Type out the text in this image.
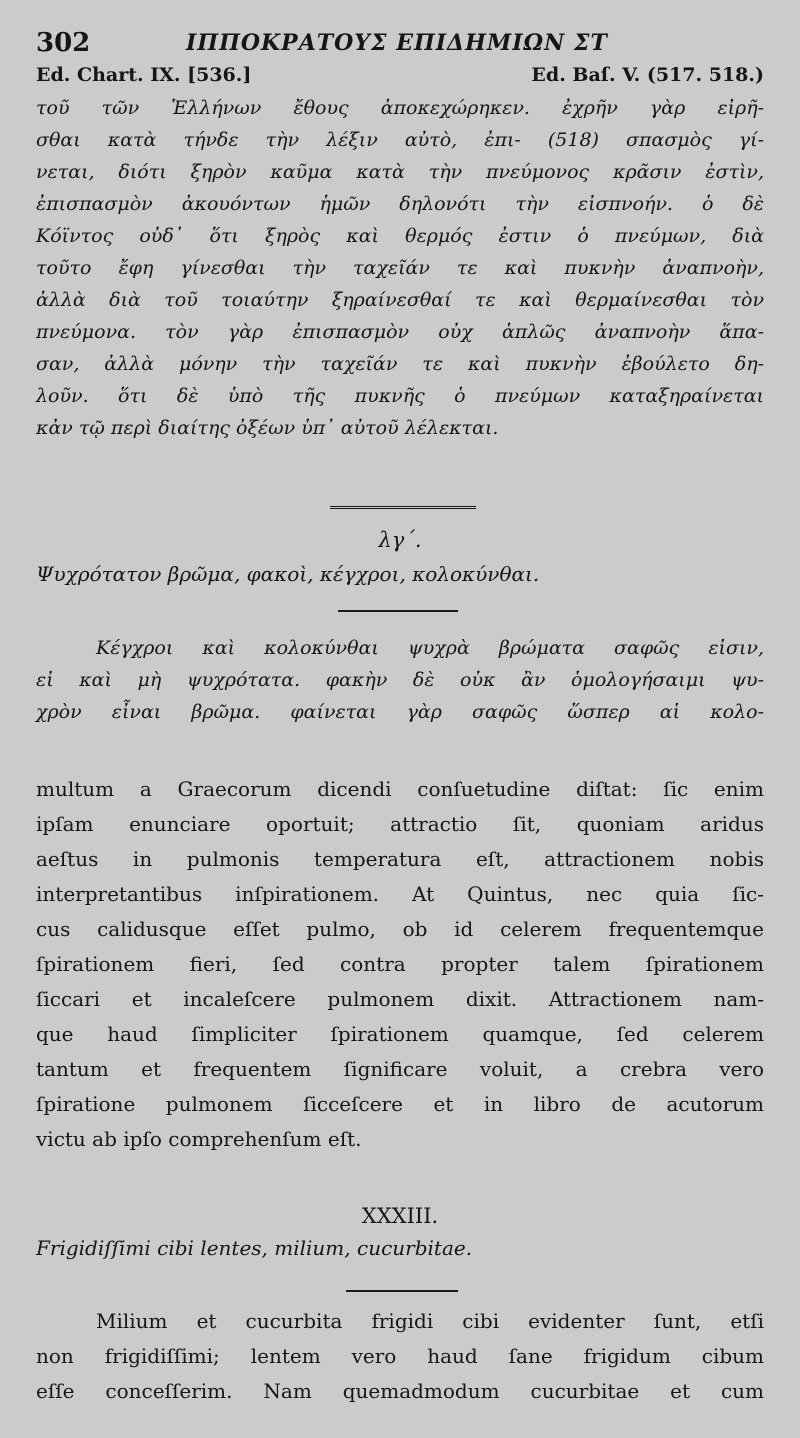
302	ΙΠΠΟΚΡΑΤΟΥΣ ΕΠΙΔΗΜΙΩΝ ΣΤ
Ed. Chart. IX. [536.]	Ed. Baſ. V. (517. 518.)
τοῦ τῶν Ἑλλήνων ἔθους ἀποκεχώρηκεν. ἐχρῆν γὰρ εἰρῆ-
σθαι κατὰ τήνδε τὴν λέξιν αὐτὸ, ἐπι- (518) σπασμὸς γί-
νεται, διότι ξηρὸν καῦμα κατὰ τὴν πνεύμονος κρᾶσιν ἐστὶν,
ἐπισπασμὸν ἀκουόντων ἡμῶν δηλονότι τὴν εἰσπνοήν. ὁ δὲ
Κόϊντος οὐδ᾽ ὅτι ξηρὸς καὶ θερμός ἐστιν ὁ πνεύμων, διὰ
τοῦτο ἔφη γίνεσθαι τὴν ταχεῖάν τε καὶ πυκνὴν ἀναπνοὴν,
ἀλλὰ διὰ τοῦ τοιαύτην ξηραίνεσθαί τε καὶ θερμαίνεσθαι τὸν
πνεύμονα. τὸν γὰρ ἐπισπασμὸν οὐχ ἁπλῶς ἀναπνοὴν ἅπα-
σαν, ἀλλὰ μόνην τὴν ταχεῖάν τε καὶ πυκνὴν ἐβούλετο δη-
λοῦν. ὅτι δὲ ὑπὸ τῆς πυκνῆς ὁ πνεύμων καταξηραίνεται
κἀν τῷ περὶ διαίτης ὀξέων ὑπ᾽ αὐτοῦ λέλεκται.
λγ΄.
Ψυχρότατον βρῶμα, φακοὶ, κέγχροι, κολοκύνθαι.
Κέγχροι καὶ κολοκύνθαι ψυχρὰ βρώματα σαφῶς εἰσιν,
εἰ καὶ μὴ ψυχρότατα. φακὴν δὲ οὐκ ἂν ὁμολογήσαιμι ψυ-
χρὸν εἶναι βρῶμα. φαίνεται γὰρ σαφῶς ὥσπερ αἱ κολο-
multum a Graecorum dicendi conſuetudine diſtat: ſic enim
ipſam enunciare oportuit; attractio ſit, quoniam aridus
aeſtus in pulmonis temperatura eſt, attractionem nobis
interpretantibus inſpirationem. At Quintus, nec quia ſic-
cus calidusque eſſet pulmo, ob id celerem frequentemque
ſpirationem fieri, ſed contra propter talem ſpirationem
ſiccari et incaleſcere pulmonem dixit. Attractionem nam-
que haud ſimpliciter ſpirationem quamque, ſed celerem
tantum et frequentem ſignificare voluit, a crebra vero
ſpiratione pulmonem ſicceſcere et in libro de acutorum
victu ab ipſo comprehenſum eſt.
XXXIII.
Frigidiſſimi cibi lentes, milium, cucurbitae.
Milium et cucurbita frigidi cibi evidenter ſunt, etſi
non frigidiſſimi; lentem vero haud ſane frigidum cibum
eſſe conceſſerim. Nam quemadmodum cucurbitae et cum
